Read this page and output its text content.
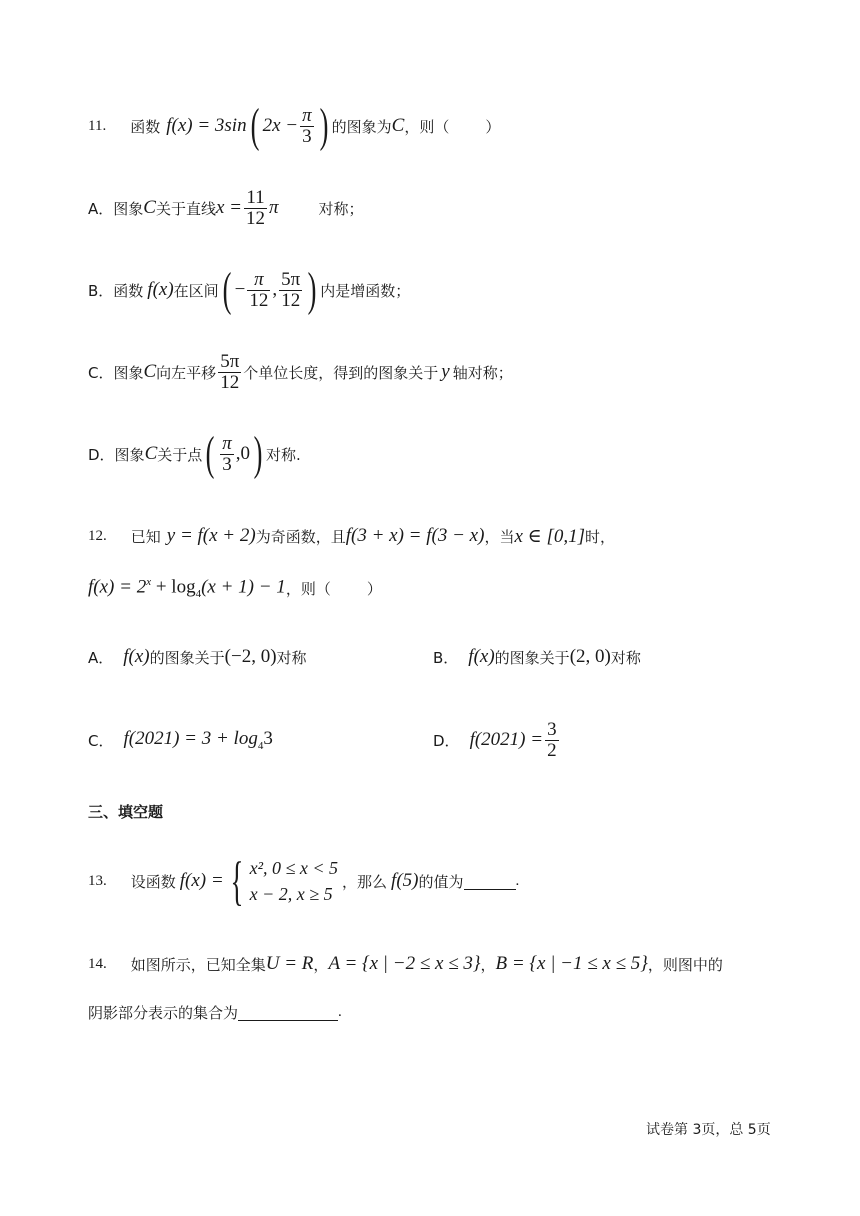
11. 函数 f(x) = 3sin ( $2x - \frac{\pi}{3}$ ) 的图象为 C ，则（ ）
A．图象 C 关于直线 $x = \frac{11}{12}$ π	对称；
B．函数 f(x) 在区间 ( − $\frac{\pi}{12}$ , $\frac{5\pi}{12}$ ) 内是增函数；
C．图象 C 向左平移 $\frac{5\pi}{12}$ 个单位长度，得到的图象关于 y 轴对称；
D．图象 C 关于点 ( $\frac{\pi}{3} ,0$ ) 对称.
12. 已知 y = f(x + 2) 为奇函数，且 f(3 + x) = f(3 − x) ，当 x ∈ [0,1] 时，
$f(x) = 2^x + \log_4(x + 1) - 1$ ，则（ ）
A． f(x) 的图象关于 (−2, 0) 对称	B． f(x) 的图象关于 (2, 0) 对称
C． $f(2021) = 3 + \log_43$	D． $f(2021) = \frac{3}{2}$
三、填空题
13. 设函数 f(x) = { x², 0 ≤ x < 5
x − 2, x ≥ 5
，那么 f(5) 的值为	.
14. 如图所示，已知全集 U = R ， A = {x | −2 ≤ x ≤ 3} ， B = {x | −1 ≤ x ≤ 5} ，则图中的
阴影部分表示的集合为	.
试卷第 3页，总 5页
